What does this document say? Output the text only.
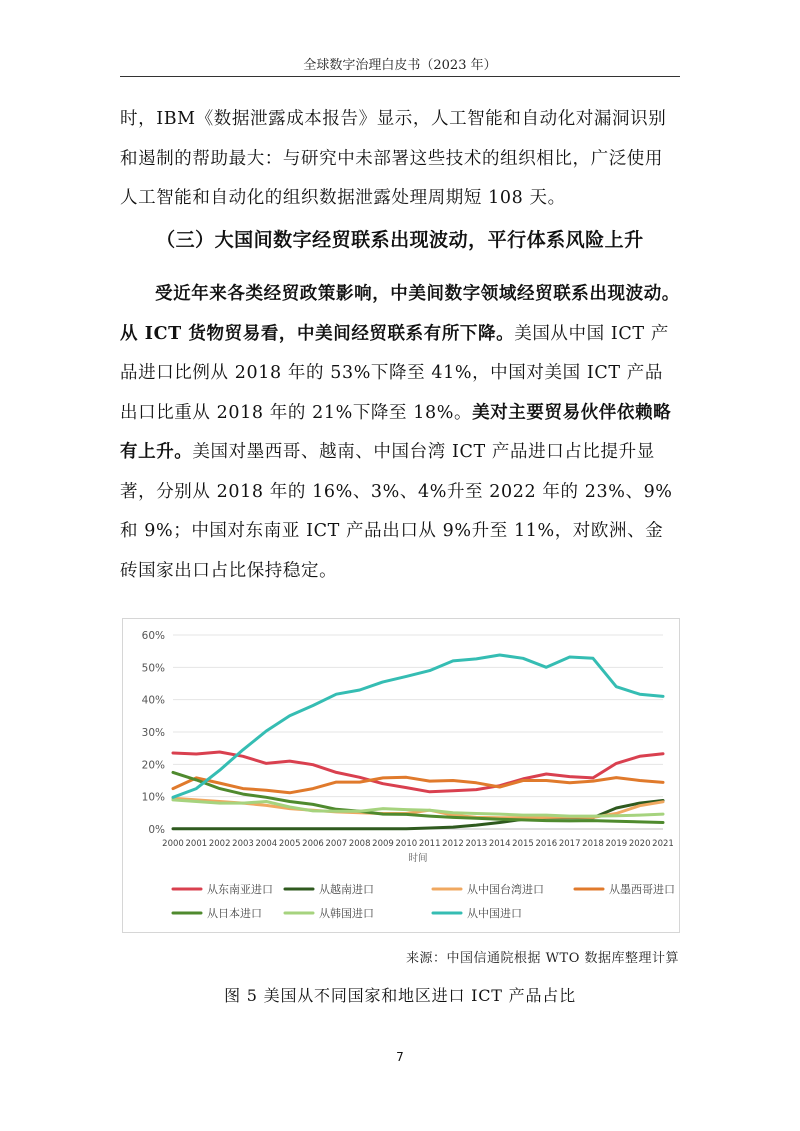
全球数字治理白皮书（2023 年）

时，IBM《数据泄露成本报告》显示，人工智能和自动化对漏洞识别和遏制的帮助最大：与研究中未部署这些技术的组织相比，广泛使用人工智能和自动化的组织数据泄露处理周期短 108 天。

（三）大国间数字经贸联系出现波动，平行体系风险上升

受近年来各类经贸政策影响，中美间数字领域经贸联系出现波动。从 ICT 货物贸易看，中美间经贸联系有所下降。美国从中国 ICT 产品进口比例从 2018 年的 53%下降至 41%，中国对美国 ICT 产品出口比重从 2018 年的 21%下降至 18%。美对主要贸易伙伴依赖略有上升。美国对墨西哥、越南、中国台湾 ICT 产品进口占比提升显著，分别从 2018 年的 16%、3%、4%升至 2022 年的 23%、9%和 9%；中国对东南亚 ICT 产品出口从 9%升至 11%，对欧洲、金砖国家出口占比保持稳定。

0%
10%
20%
30%
40%
50%
60%
2000 2001 2002 2003 2004 2005 2006 2007 2008 2009 2010 2011 2012 2013 2014 2015 2016 2017 2018 2019 2020 2021
时间
从东南亚进口	从越南进口	从中国台湾进口	从墨西哥进口
从日本进口	从韩国进口	从中国进口
来源：中国信通院根据 WTO 数据库整理计算
图 5 美国从不同国家和地区进口 ICT 产品占比
7
